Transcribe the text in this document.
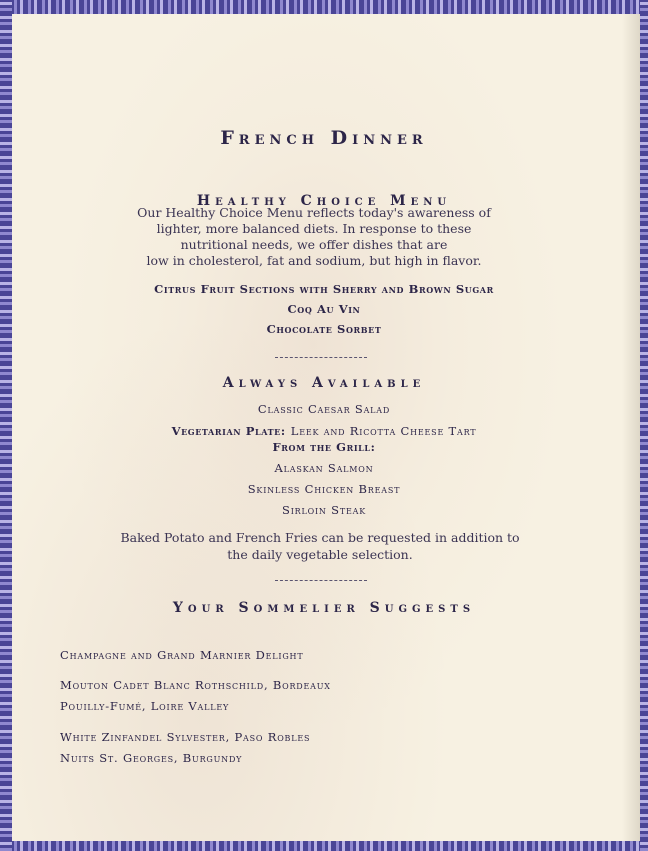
French Dinner
Healthy Choice Menu
Our Healthy Choice Menu reflects today's awareness of
lighter, more balanced diets. In response to these
nutritional needs, we offer dishes that are
low in cholesterol, fat and sodium, but high in flavor.
Citrus Fruit Sections with Sherry and Brown Sugar
Coq Au Vin
Chocolate Sorbet
Always Available
Classic Caesar Salad
Vegetarian Plate: Leek and Ricotta Cheese Tart
From the Grill:
Alaskan Salmon
Skinless Chicken Breast
Sirloin Steak
Baked Potato and French Fries can be requested in addition to
the daily vegetable selection.
Your Sommelier Suggests
Champagne and Grand Marnier Delight
Mouton Cadet Blanc Rothschild, Bordeaux
Pouilly-Fumé, Loire Valley
White Zinfandel Sylvester, Paso Robles
Nuits St. Georges, Burgundy
